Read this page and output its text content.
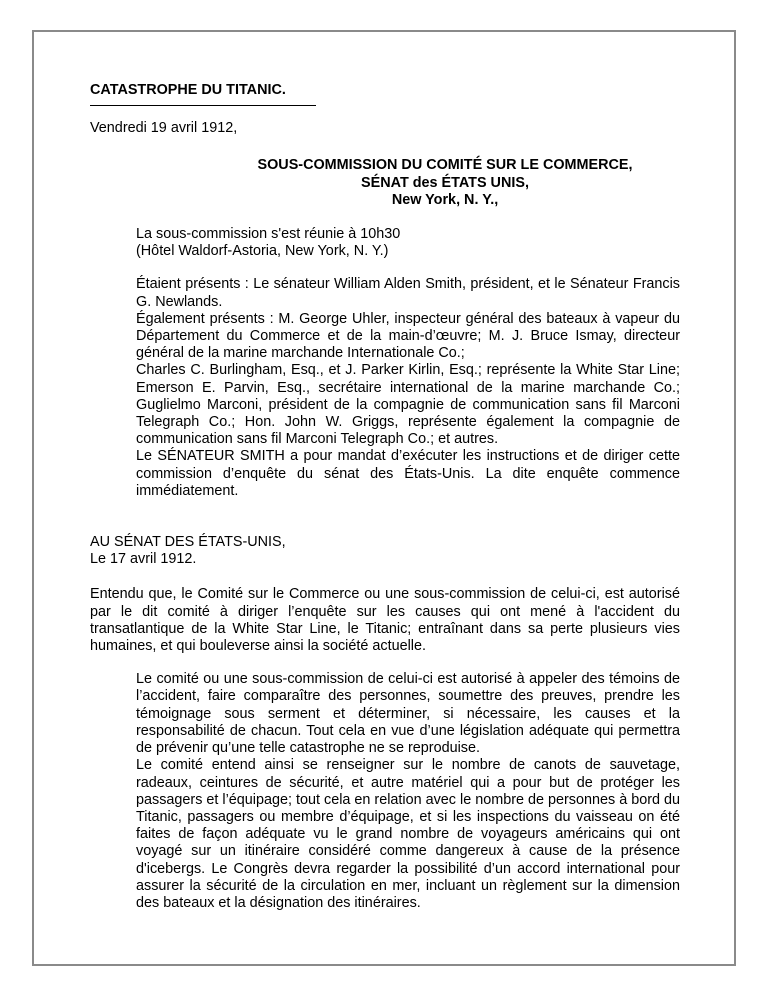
CATASTROPHE DU TITANIC.

Vendredi 19 avril 1912,

SOUS-COMMISSION DU COMITÉ SUR LE COMMERCE,
SÉNAT des ÉTATS UNIS,
New York, N. Y.,
La sous-commission s'est réunie à 10h30
(Hôtel Waldorf-Astoria, New York, N. Y.)

Étaient présents : Le sénateur William Alden Smith, président, et le Sénateur Francis G. Newlands.

Également présents : M. George Uhler, inspecteur général des bateaux à vapeur du Département du Commerce et de la main-d’œuvre; M. J. Bruce Ismay, directeur général de la marine marchande Internationale Co.;

Charles C. Burlingham, Esq., et J. Parker Kirlin, Esq.; représente la White Star Line; Emerson E. Parvin, Esq., secrétaire international de la marine marchande Co.; Guglielmo Marconi, président de la compagnie de communication sans fil Marconi Telegraph Co.; Hon. John W. Griggs, représente également la compagnie de communication sans fil Marconi Telegraph Co.; et autres.

Le SÉNATEUR SMITH a pour mandat d’exécuter les instructions et de diriger cette commission d’enquête du sénat des États-Unis. La dite enquête commence immédiatement.

AU SÉNAT DES ÉTATS-UNIS,
Le 17 avril 1912.

Entendu que, le Comité sur le Commerce ou une sous-commission de celui-ci, est autorisé par le dit comité à diriger l’enquête sur les causes qui ont mené à l'accident du transatlantique de la White Star Line, le Titanic; entraînant dans sa perte plusieurs vies humaines, et qui bouleverse ainsi la société actuelle.

Le comité ou une sous-commission de celui-ci est autorisé à appeler des témoins de l’accident, faire comparaître des personnes, soumettre des preuves, prendre les témoignage sous serment et déterminer, si nécessaire, les causes et la responsabilité de chacun. Tout cela en vue d’une législation adéquate qui permettra de prévenir qu’une telle catastrophe ne se reproduise.

Le comité entend ainsi se renseigner sur le nombre de canots de sauvetage, radeaux, ceintures de sécurité, et autre matériel qui a pour but de protéger les passagers et l’équipage; tout cela en relation avec le nombre de personnes à bord du Titanic, passagers ou membre d’équipage, et si les inspections du vaisseau on été faites de façon adéquate vu le grand nombre de voyageurs américains qui ont voyagé sur un itinéraire considéré comme dangereux à cause de la présence d'icebergs. Le Congrès devra regarder la possibilité d’un accord international pour assurer la sécurité de la circulation en mer, incluant un règlement sur la dimension des bateaux et la désignation des itinéraires.
